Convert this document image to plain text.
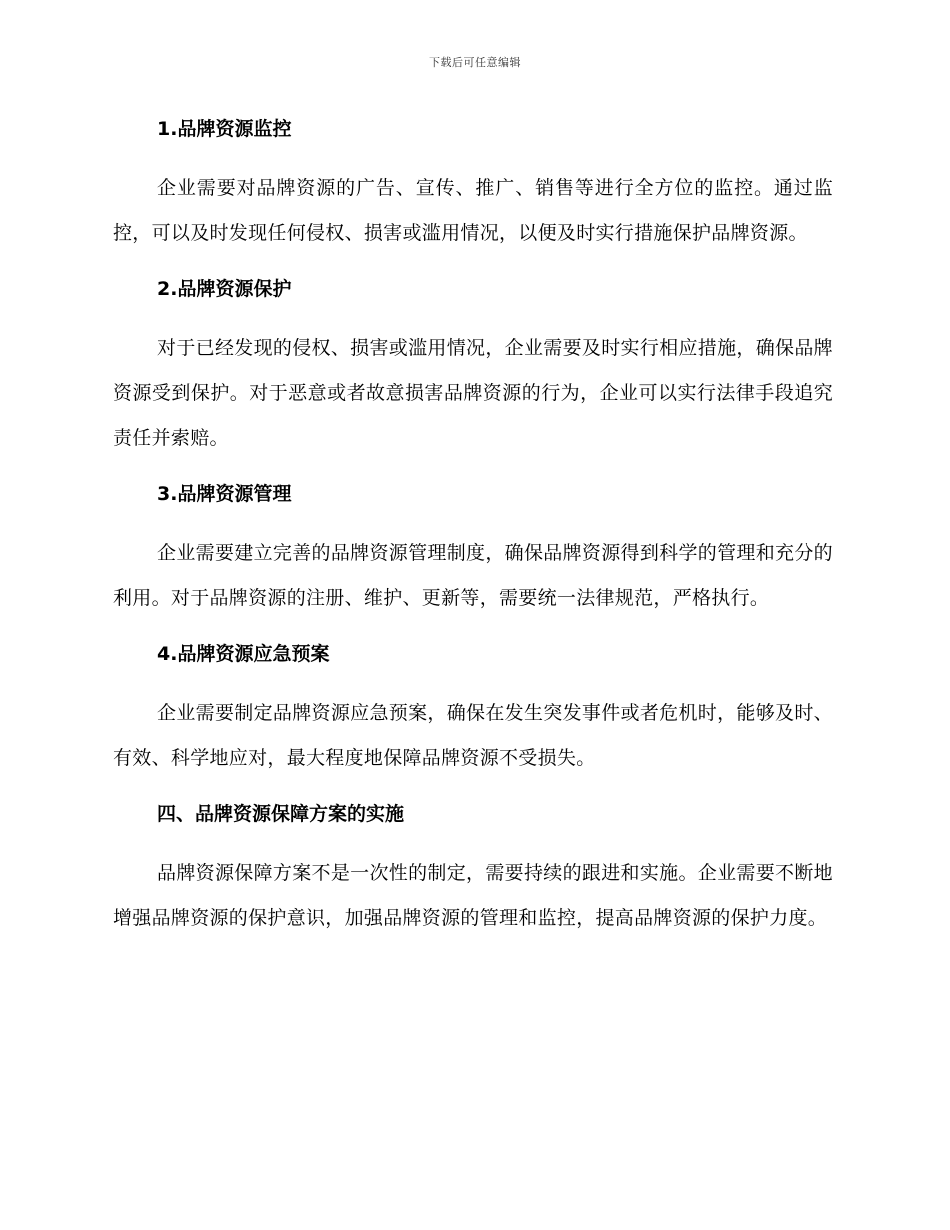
下载后可任意编辑
1.品牌资源监控

企业需要对品牌资源的广告、宣传、推广、销售等进行全方位的监控。通过监控，可以及时发现任何侵权、损害或滥用情况，以便及时实行措施保护品牌资源。

2.品牌资源保护

对于已经发现的侵权、损害或滥用情况，企业需要及时实行相应措施，确保品牌资源受到保护。对于恶意或者故意损害品牌资源的行为，企业可以实行法律手段追究责任并索赔。

3.品牌资源管理

企业需要建立完善的品牌资源管理制度，确保品牌资源得到科学的管理和充分的利用。对于品牌资源的注册、维护、更新等，需要统一法律规范，严格执行。

4.品牌资源应急预案

企业需要制定品牌资源应急预案，确保在发生突发事件或者危机时，能够及时、有效、科学地应对，最大程度地保障品牌资源不受损失。

四、品牌资源保障方案的实施

品牌资源保障方案不是一次性的制定，需要持续的跟进和实施。企业需要不断地增强品牌资源的保护意识，加强品牌资源的管理和监控，提高品牌资源的保护力度。
